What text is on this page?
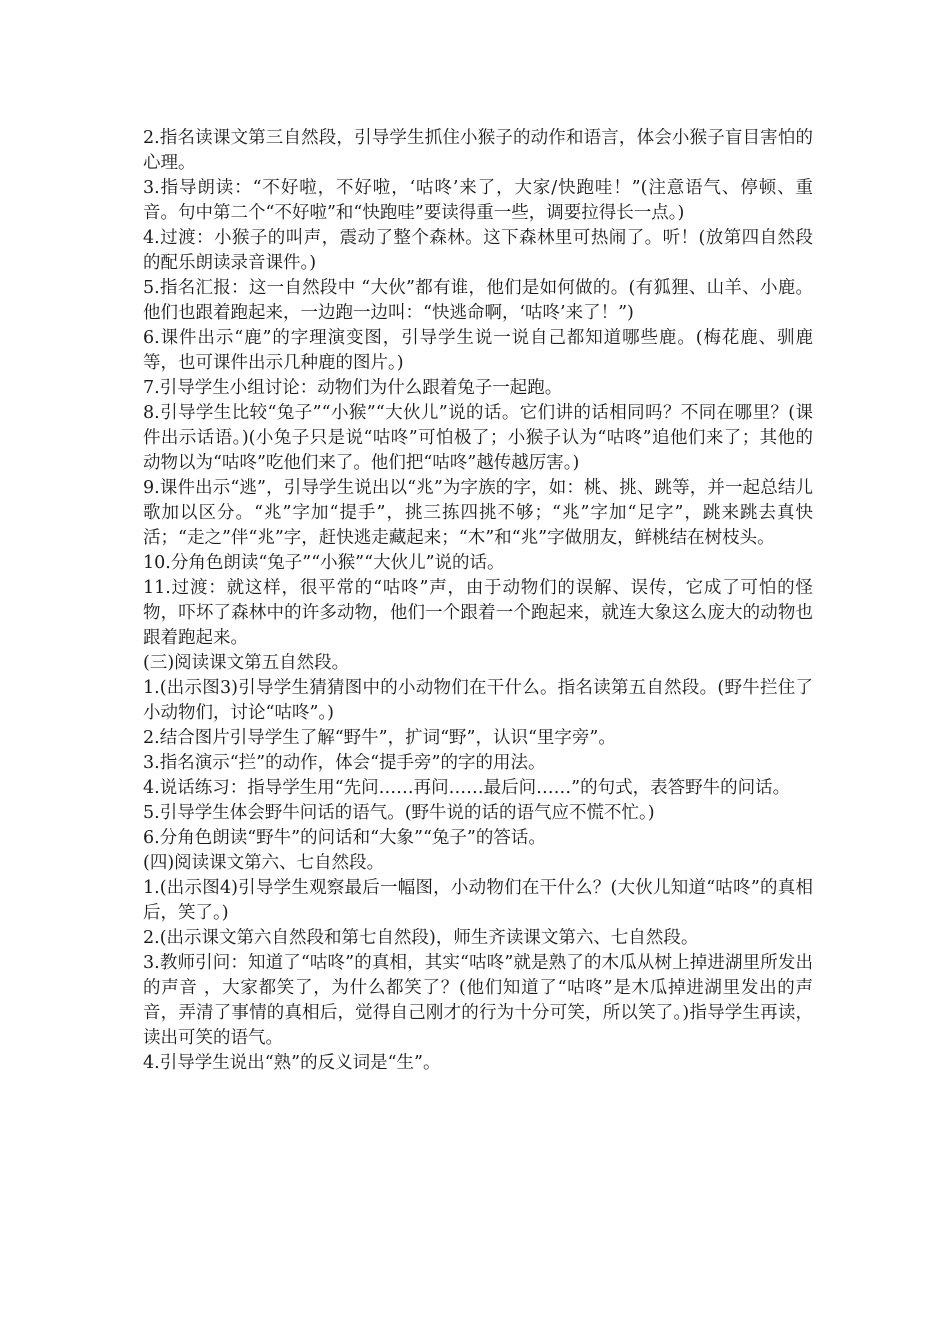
2.指名读课文第三自然段，引导学生抓住小猴子的动作和语言，体会小猴子盲目害怕的心理。

3.指导朗读：“不好啦，不好啦，‘咕咚’来了，大家/快跑哇！”(注意语气、停顿、重音。句中第二个“不好啦”和“快跑哇”要读得重一些，调要拉得长一点。)

4.过渡：小猴子的叫声，震动了整个森林。这下森林里可热闹了。听！(放第四自然段的配乐朗读录音课件。)

5.指名汇报：这一自然段中 “大伙”都有谁，他们是如何做的。(有狐狸、山羊、小鹿。他们也跟着跑起来，一边跑一边叫：“快逃命啊，‘咕咚’来了！”)

6.课件出示“鹿”的字理演变图，引导学生说一说自己都知道哪些鹿。(梅花鹿、驯鹿等，也可课件出示几种鹿的图片。)

7.引导学生小组讨论：动物们为什么跟着兔子一起跑。

8.引导学生比较“兔子”“小猴”“大伙儿”说的话。它们讲的话相同吗？不同在哪里？(课件出示话语。)(小兔子只是说“咕咚”可怕极了；小猴子认为“咕咚”追他们来了；其他的动物以为“咕咚”吃他们来了。他们把“咕咚”越传越厉害。)

9.课件出示“逃”，引导学生说出以“兆”为字族的字，如：桃、挑、跳等，并一起总结儿歌加以区分。“兆”字加“提手”，挑三拣四挑不够；“兆”字加“足字”，跳来跳去真快活；“走之”伴“兆”字，赶快逃走藏起来；“木”和“兆”字做朋友，鲜桃结在树枝头。

10.分角色朗读“兔子”“小猴”“大伙儿”说的话。

11.过渡：就这样，很平常的“咕咚”声，由于动物们的误解、误传，它成了可怕的怪物，吓坏了森林中的许多动物，他们一个跟着一个跑起来，就连大象这么庞大的动物也跟着跑起来。

(三)阅读课文第五自然段。

1.(出示图3)引导学生猜猜图中的小动物们在干什么。指名读第五自然段。(野牛拦住了小动物们，讨论“咕咚”。)

2.结合图片引导学生了解“野牛”，扩词“野”，认识“里字旁”。

3.指名演示“拦”的动作，体会“提手旁”的字的用法。

4.说话练习：指导学生用“先问……再问……最后问……”的句式，表答野牛的问话。

5.引导学生体会野牛问话的语气。(野牛说的话的语气应不慌不忙。)

6.分角色朗读“野牛”的问话和“大象”“兔子”的答话。

(四)阅读课文第六、七自然段。

1.(出示图4)引导学生观察最后一幅图，小动物们在干什么？(大伙儿知道“咕咚”的真相后，笑了。)

2.(出示课文第六自然段和第七自然段)，师生齐读课文第六、七自然段。

3.教师引问：知道了“咕咚”的真相，其实“咕咚”就是熟了的木瓜从树上掉进湖里所发出的声音 ，大家都笑了，为什么都笑了？(他们知道了“咕咚”是木瓜掉进湖里发出的声音，弄清了事情的真相后，觉得自己刚才的行为十分可笑，所以笑了。)指导学生再读，读出可笑的语气。

4.引导学生说出“熟”的反义词是“生”。
